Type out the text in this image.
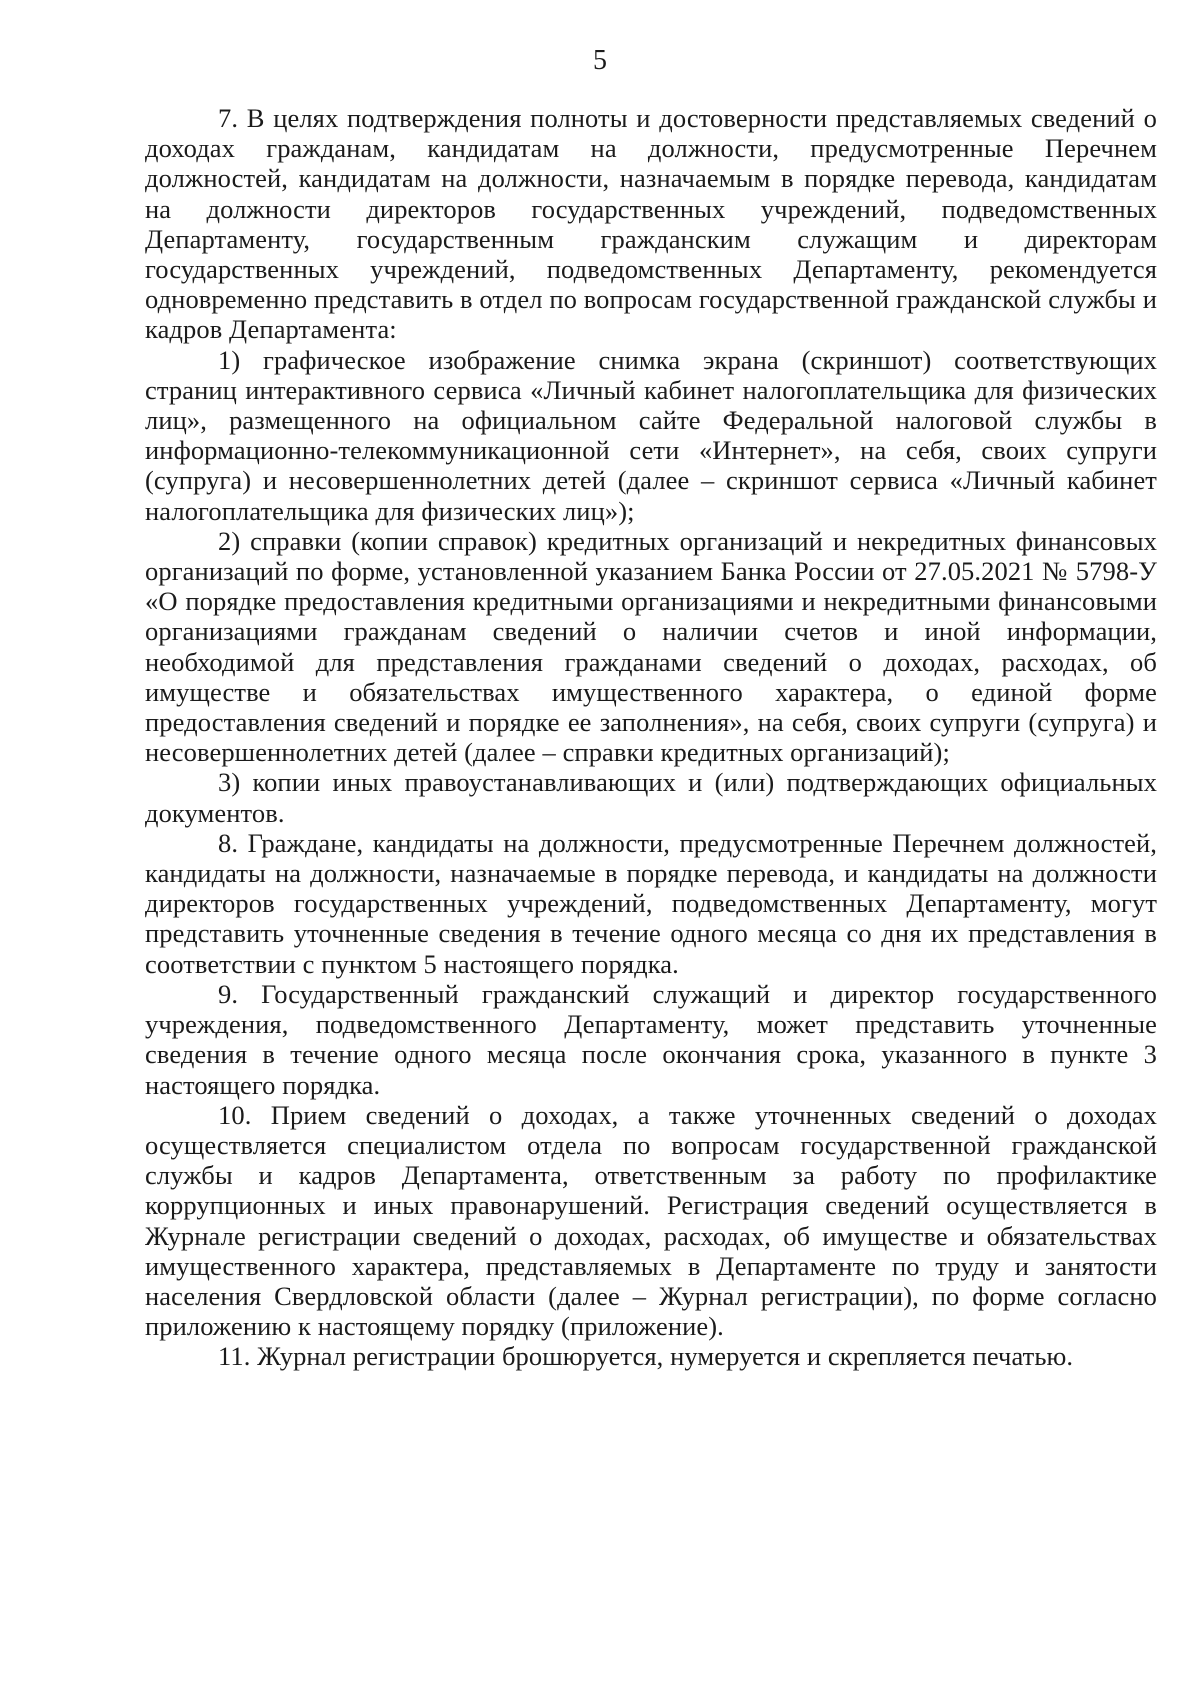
5

7. В целях подтверждения полноты и достоверности представляемых сведений о доходах гражданам, кандидатам на должности, предусмотренные Перечнем должностей, кандидатам на должности, назначаемым в порядке перевода, кандидатам на должности директоров государственных учреждений, подведомственных Департаменту, государственным гражданским служащим и директорам государственных учреждений, подведомственных Департаменту, рекомендуется одновременно представить в отдел по вопросам государственной гражданской службы и кадров Департамента:

1) графическое изображение снимка экрана (скриншот) соответствующих страниц интерактивного сервиса «Личный кабинет налогоплательщика для физических лиц», размещенного на официальном сайте Федеральной налоговой службы в информационно-телекоммуникационной сети «Интернет», на себя, своих супруги (супруга) и несовершеннолетних детей (далее – скриншот сервиса «Личный кабинет налогоплательщика для физических лиц»);

2) справки (копии справок) кредитных организаций и некредитных финансовых организаций по форме, установленной указанием Банка России от 27.05.2021 № 5798-У «О порядке предоставления кредитными организациями и некредитными финансовыми организациями гражданам сведений о наличии счетов и иной информации, необходимой для представления гражданами сведений о доходах, расходах, об имуществе и обязательствах имущественного характера, о единой форме предоставления сведений и порядке ее заполнения», на себя, своих супруги (супруга) и несовершеннолетних детей (далее – справки кредитных организаций);

3) копии иных правоустанавливающих и (или) подтверждающих официальных документов.

8. Граждане, кандидаты на должности, предусмотренные Перечнем должностей, кандидаты на должности, назначаемые в порядке перевода, и кандидаты на должности директоров государственных учреждений, подведомственных Департаменту, могут представить уточненные сведения в течение одного месяца со дня их представления в соответствии с пунктом 5 настоящего порядка.

9. Государственный гражданский служащий и директор государственного учреждения, подведомственного Департаменту, может представить уточненные сведения в течение одного месяца после окончания срока, указанного в пункте 3 настоящего порядка.

10. Прием сведений о доходах, а также уточненных сведений о доходах осуществляется специалистом отдела по вопросам государственной гражданской службы и кадров Департамента, ответственным за работу по профилактике коррупционных и иных правонарушений. Регистрация сведений осуществляется в Журнале регистрации сведений о доходах, расходах, об имуществе и обязательствах имущественного характера, представляемых в Департаменте по труду и занятости населения Свердловской области (далее – Журнал регистрации), по форме согласно приложению к настоящему порядку (приложение).

11. Журнал регистрации брошюруется, нумеруется и скрепляется печатью.
